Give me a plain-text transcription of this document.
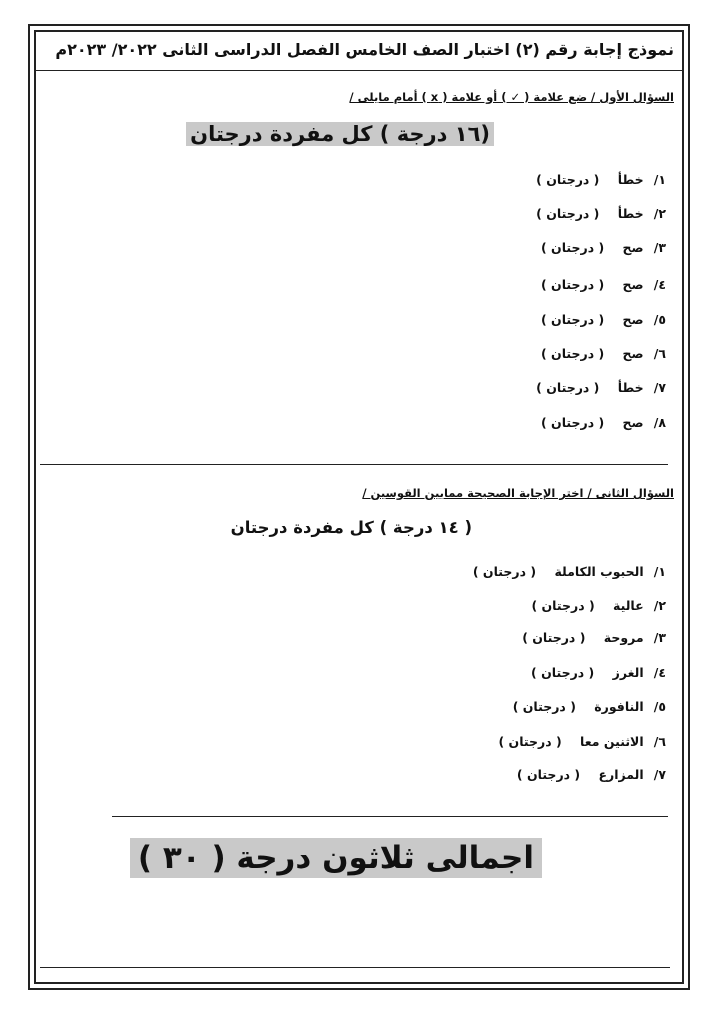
نموذج إجابة رقم (٢) اختبار الصف الخامس الفصل الدراسى الثانى ٢٠٢٢/ ٢٠٢٣م
السؤال الأول / ضع علامة ( ✓ ) أو علامة ( x ) أمام مايلى /
(١٦ درجة ) كل مفردة درجتان
١/ خطأ ( درجتان )
٢/ خطأ ( درجتان )
٣/ صح ( درجتان )
٤/ صح ( درجتان )
٥/ صح ( درجتان )
٦/ صح ( درجتان )
٧/ خطأ ( درجتان )
٨/ صح ( درجتان )
السؤال الثانى / اختر الإجابة الصحيحة ممابين القوسين /
( ١٤ درجة ) كل مفردة درجتان
١/ الحبوب الكاملة ( درجتان )
٢/ عالية ( درجتان )
٣/ مروحة ( درجتان )
٤/ الغرز ( درجتان )
٥/ النافورة ( درجتان )
٦/ الاثنين معا ( درجتان )
٧/ المزارع ( درجتان )
اجمالى ثلاثون درجة ( ٣٠ )
